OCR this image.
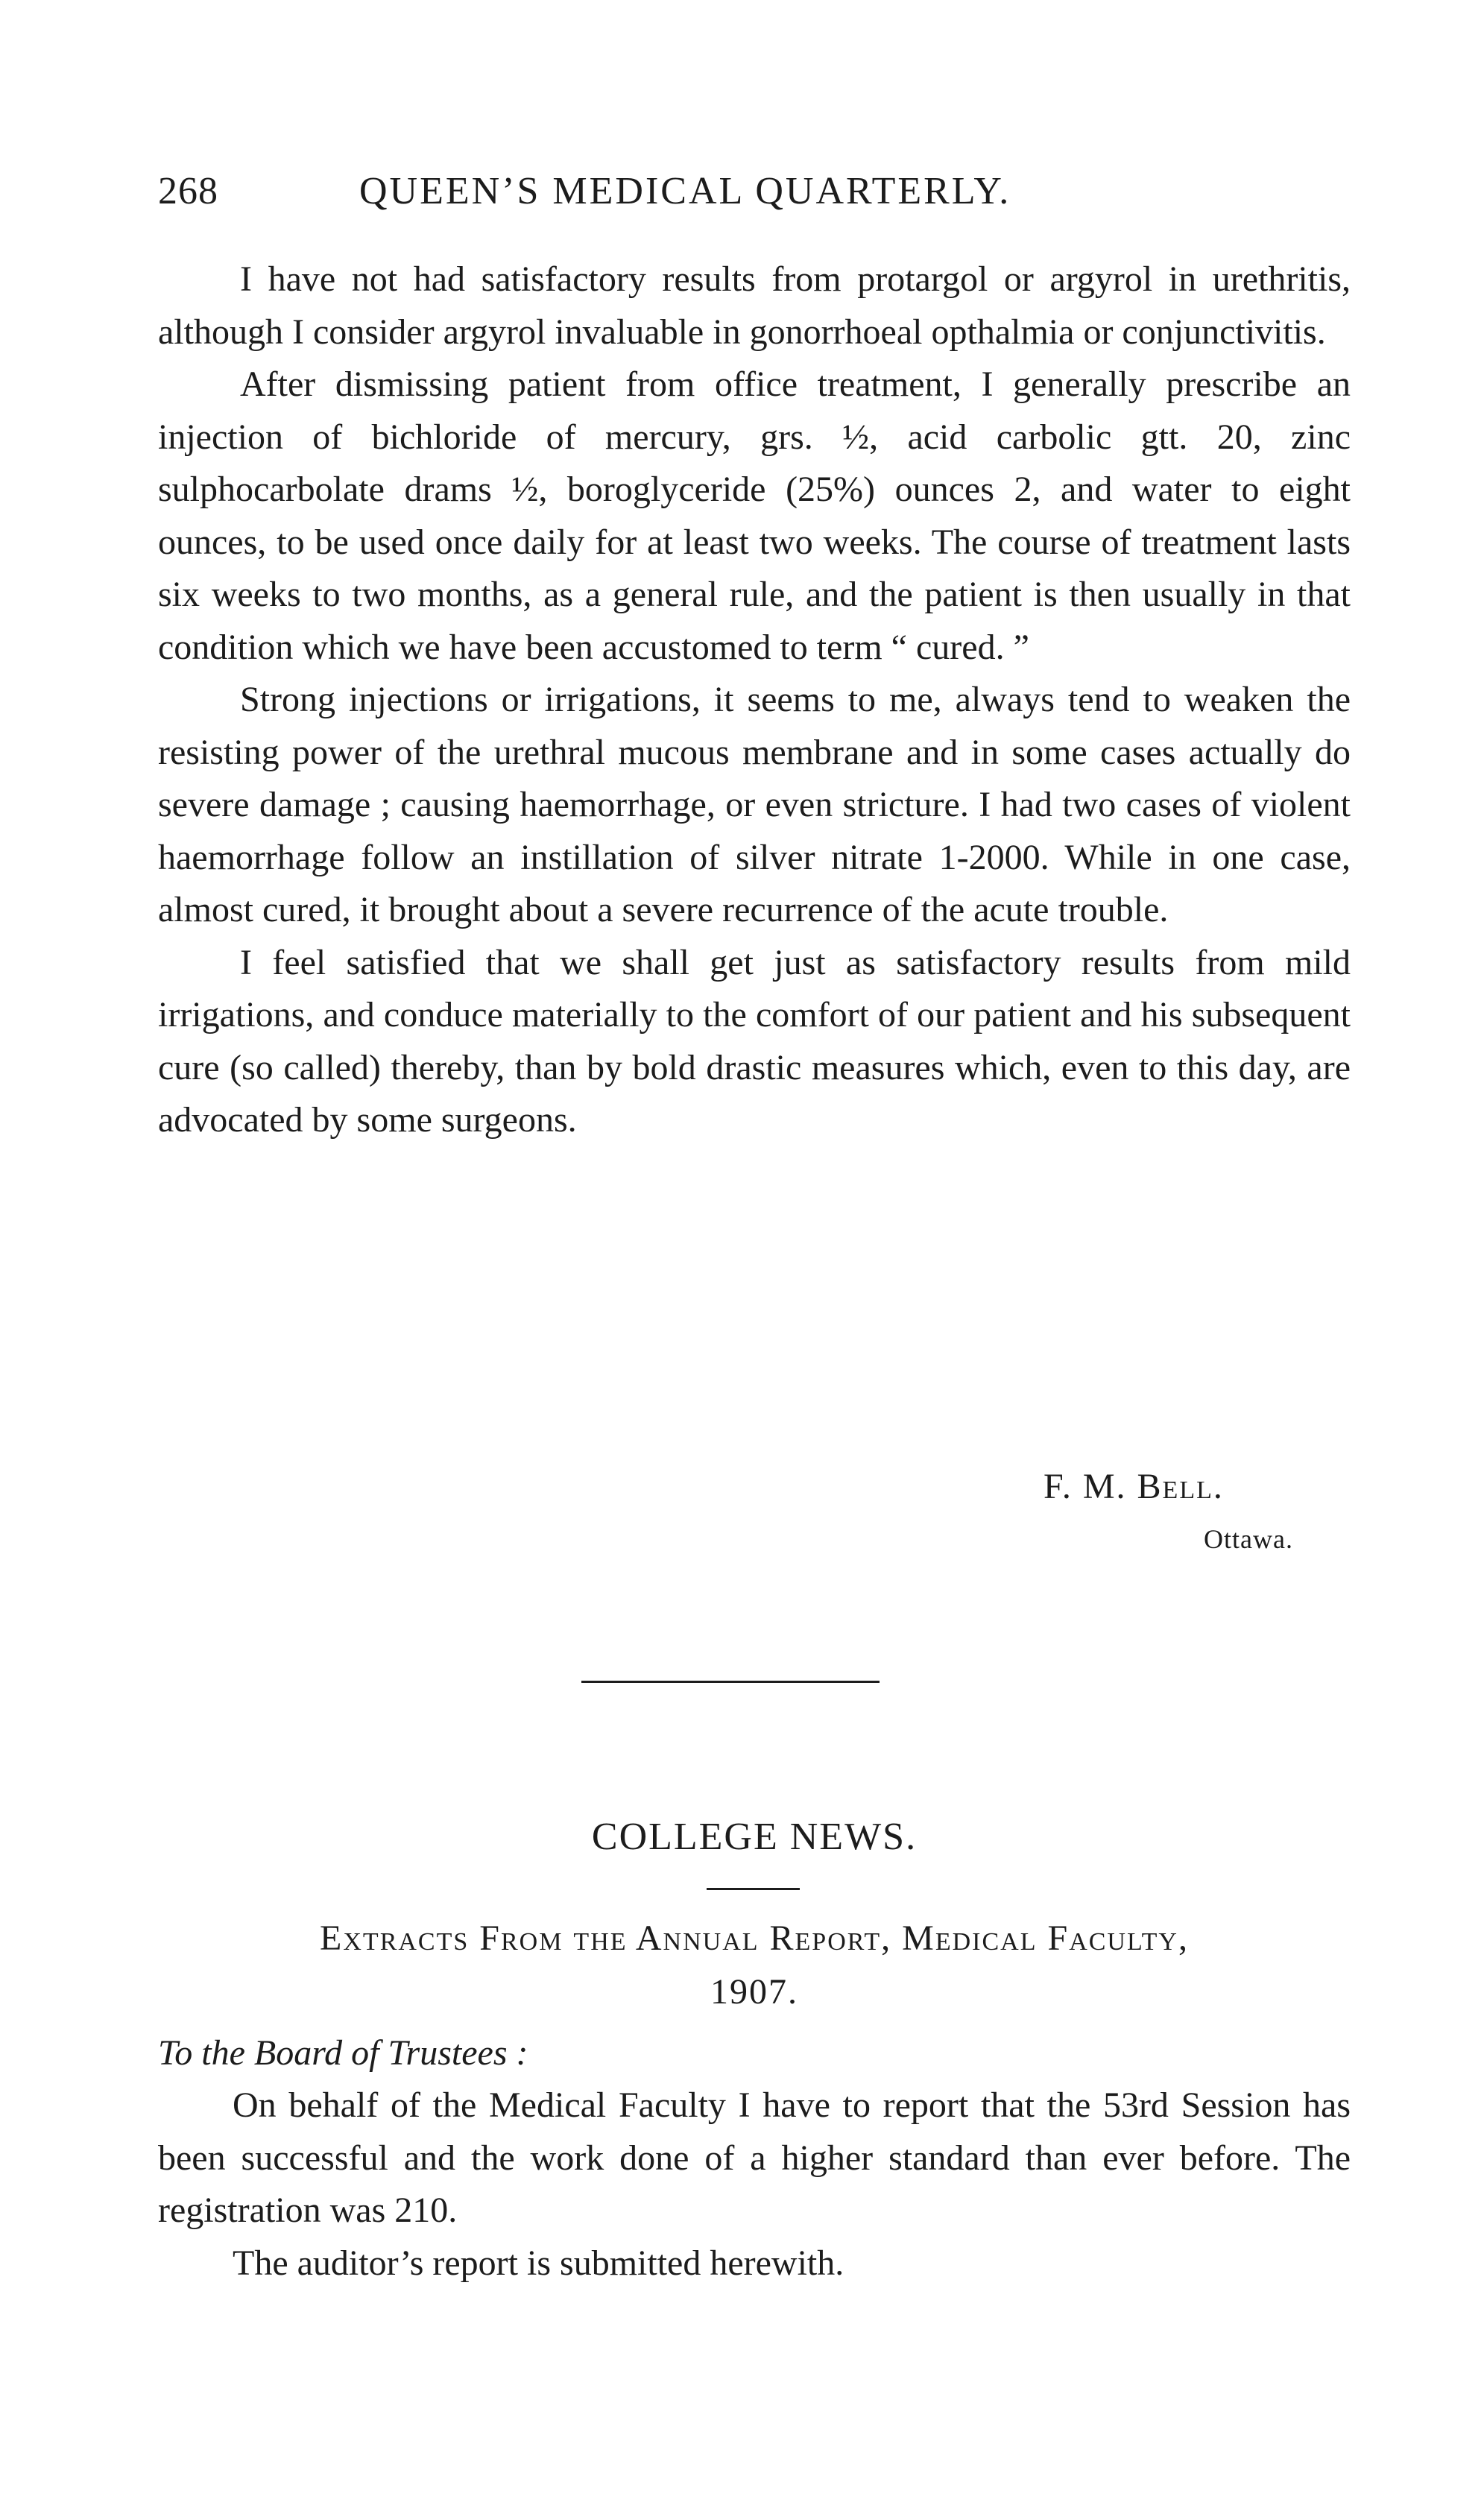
268	QUEEN’S MEDICAL QUARTERLY.

I have not had satisfactory results from protargol or argyrol in urethritis, although I consider argyrol invaluable in gonorrhoeal opthalmia or conjunctivitis.

After dismissing patient from office treatment, I generally prescribe an injection of bichloride of mercury, grs. ½, acid carbolic gtt. 20, zinc sulphocarbolate drams ½, boroglyceride (25%) ounces 2, and water to eight ounces, to be used once daily for at least two weeks. The course of treatment lasts six weeks to two months, as a general rule, and the patient is then usually in that condition which we have been accustomed to term “ cured. ”

Strong injections or irrigations, it seems to me, always tend to weaken the resisting power of the urethral mucous membrane and in some cases actually do severe damage ; causing haemorrhage, or even stricture. I had two cases of violent haemorrhage follow an instillation of silver nitrate 1-2000. While in one case, almost cured, it brought about a severe recurrence of the acute trouble.

I feel satisfied that we shall get just as satisfactory results from mild irrigations, and conduce materially to the comfort of our patient and his subsequent cure (so called) thereby, than by bold drastic measures which, even to this day, are advocated by some surgeons.

F. M. Bell.
Ottawa.
COLLEGE NEWS.
Extracts From the Annual Report, Medical Faculty,
1907.
To the Board of Trustees :

On behalf of the Medical Faculty I have to report that the 53rd Session has been successful and the work done of a higher standard than ever before. The registration was 210.

The auditor’s report is submitted herewith.
